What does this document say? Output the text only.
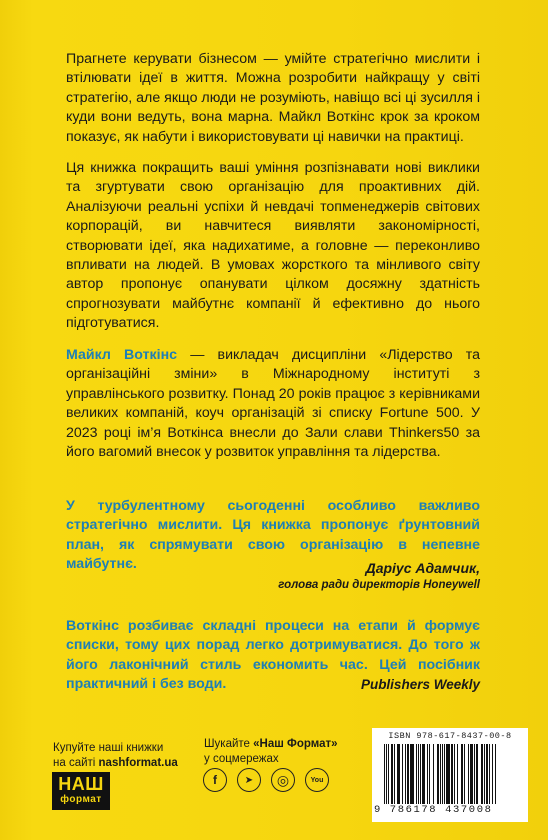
Прагнете керувати бізнесом — умійте стратегічно мислити і втілювати ідеї в життя. Можна розробити найкращу у світі стратегію, але якщо люди не розуміють, навіщо всі ці зусилля і куди вони ведуть, вона марна. Майкл Воткінс крок за кроком показує, як набути і використовувати ці навички на практиці.

Ця книжка покращить ваші уміння розпізнавати нові виклики та згуртувати свою організацію для проактивних дій. Аналізуючи реальні успіхи й невдачі топменеджерів світових корпорацій, ви навчитеся виявляти закономірності, створювати ідеї, яка надихатиме, а головне — переконливо впливати на людей. В умовах жорсткого та мінливого світу автор пропонує опанувати цілком досяжну здатність спрогнозувати майбутнє компанії й ефективно до нього підготуватися.

Майкл Воткінс — викладач дисципліни «Лідерство та організаційні зміни» в Міжнародному інституті з управлінського розвитку. Понад 20 років працює з керівниками великих компаній, коуч організацій зі списку Fortune 500. У 2023 році ім’я Воткінса внесли до Зали слави Thinkers50 за його вагомий внесок у розвиток управління та лідерства.

У турбулентному сьогоденні особливо важливо стратегічно мислити. Ця книжка пропонує ґрунтовний план, як спрямувати свою організацію в непевне майбутнє.	Даріус Адамчик,

голова ради директорів Honeywell

Воткінс розбиває складні процеси на етапи й формує списки, тому цих порад легко дотримуватися. До того ж його лаконічний стиль економить час. Цей посібник практичний і без води.	Publishers Weekly

Купуйте наші книжки
на сайті nashformat.ua

НАШ
формат

Шукайте «Наш Формат»
у соцмережах

f	➤ ◎	You

ISBN 978-617-8437-00-8

9 786178 437008
